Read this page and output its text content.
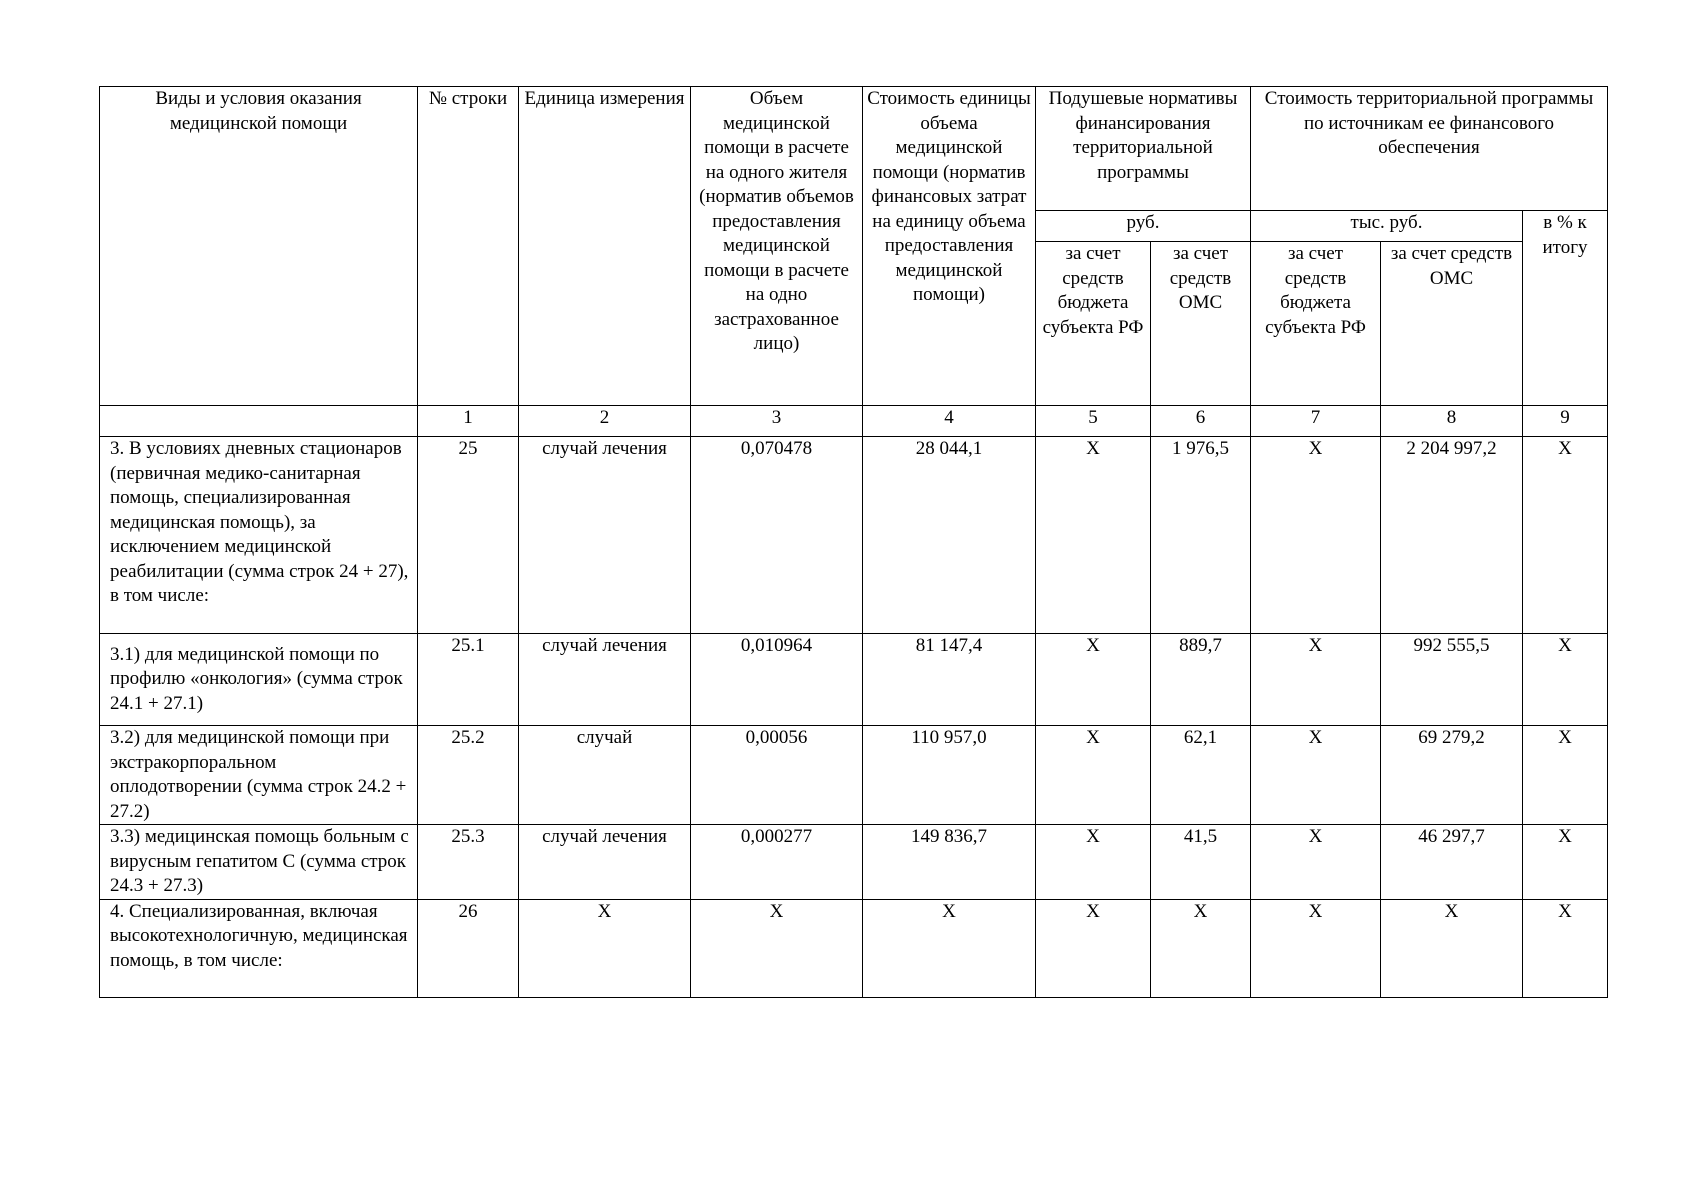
Виды и условия оказания медицинской помощи	№ строки	Единица измерения	Объем медицинской помощи в расчете на одного жителя (норматив объемов предоставления медицинской помощи в расчете на одно застрахованное лицо)	Стоимость единицы объема медицинской помощи (норматив финансовых затрат на единицу объема предоставления медицинской помощи)	Подушевые нормативы финансирования территориальной программы		Стоимость территориальной программы по источникам ее финансового обеспечения		
					руб.		тыс. руб.		в % к итогу
					за счет средств бюджета субъекта РФ	за счет средств ОМС	за счет средств бюджета субъекта РФ	за счет средств ОМС	
	1	2	3	4	5	6	7	8	9
3. В условиях дневных стационаров (первичная медико-санитарная помощь, специализированная медицинская помощь), за исключением медицинской реабилитации (сумма строк 24 + 27), в том числе:	25	случай лечения	0,070478	28 044,1	X	1 976,5	X	2 204 997,2	X
3.1) для медицинской помощи по профилю «онкология» (сумма строк 24.1 + 27.1)	25.1	случай лечения	0,010964	81 147,4	X	889,7	X	992 555,5	X
3.2) для медицинской помощи при экстракорпоральном оплодотворении (сумма строк 24.2 + 27.2)	25.2	случай	0,00056	110 957,0	X	62,1	X	69 279,2	X
3.3) медицинская помощь больным с вирусным гепатитом С (сумма строк 24.3 + 27.3)	25.3	случай лечения	0,000277	149 836,7	X	41,5	X	46 297,7	X
4. Специализированная, включая высокотехнологичную, медицинская помощь, в том числе:	26	X	X	X	X	X	X	X	X
